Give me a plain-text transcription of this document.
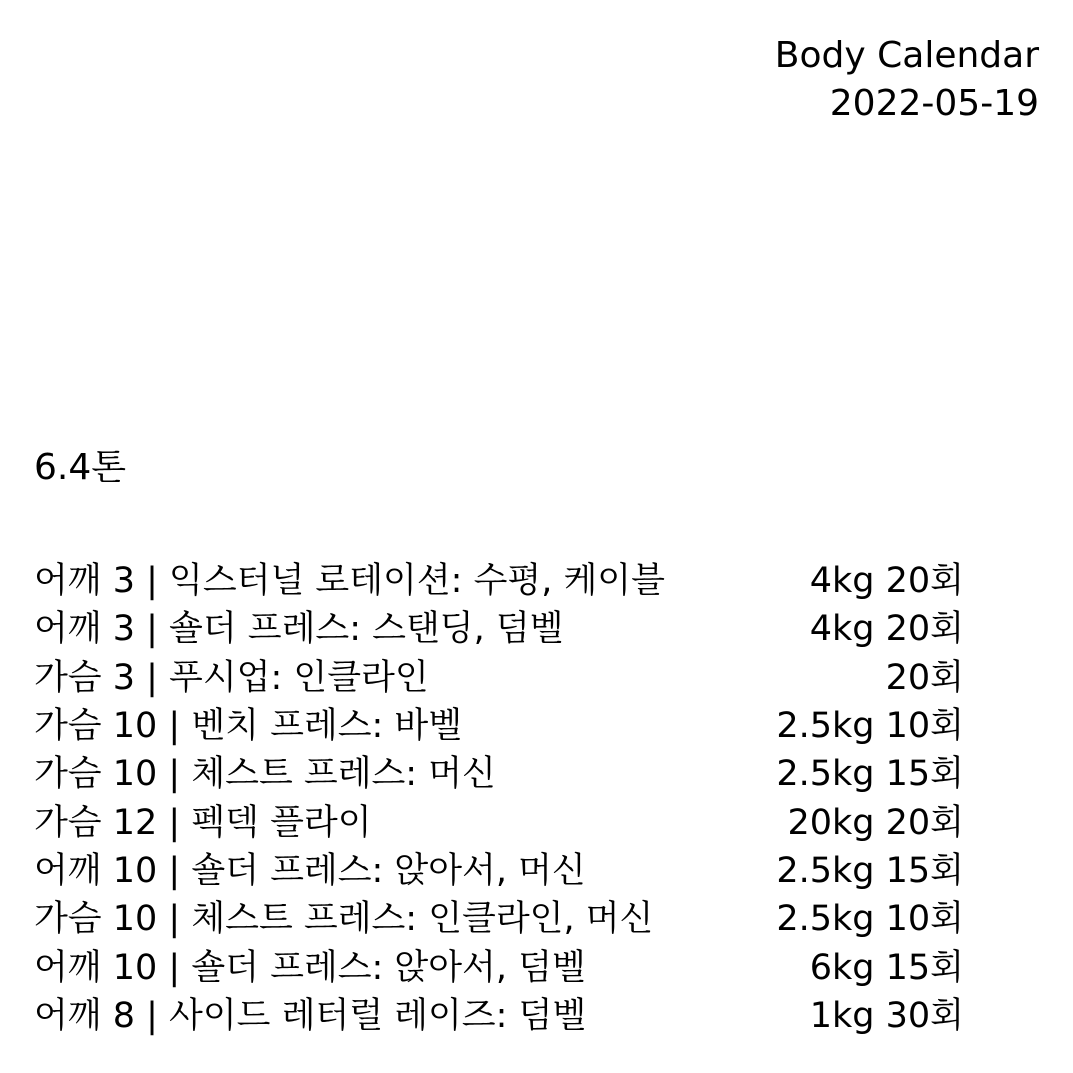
Body Calendar
2022-05-19
6.4톤
어깨 3 | 익스터널 로테이션: 수평, 케이블	4kg 20회
어깨 3 | 숄더 프레스: 스탠딩, 덤벨	4kg 20회
가슴 3 | 푸시업: 인클라인	20회
가슴 10 | 벤치 프레스: 바벨	2.5kg 10회
가슴 10 | 체스트 프레스: 머신	2.5kg 15회
가슴 12 | 펙덱 플라이	20kg 20회
어깨 10 | 숄더 프레스: 앉아서, 머신	2.5kg 15회
가슴 10 | 체스트 프레스: 인클라인, 머신	2.5kg 10회
어깨 10 | 숄더 프레스: 앉아서, 덤벨	6kg 15회
어깨 8 | 사이드 레터럴 레이즈: 덤벨	1kg 30회
